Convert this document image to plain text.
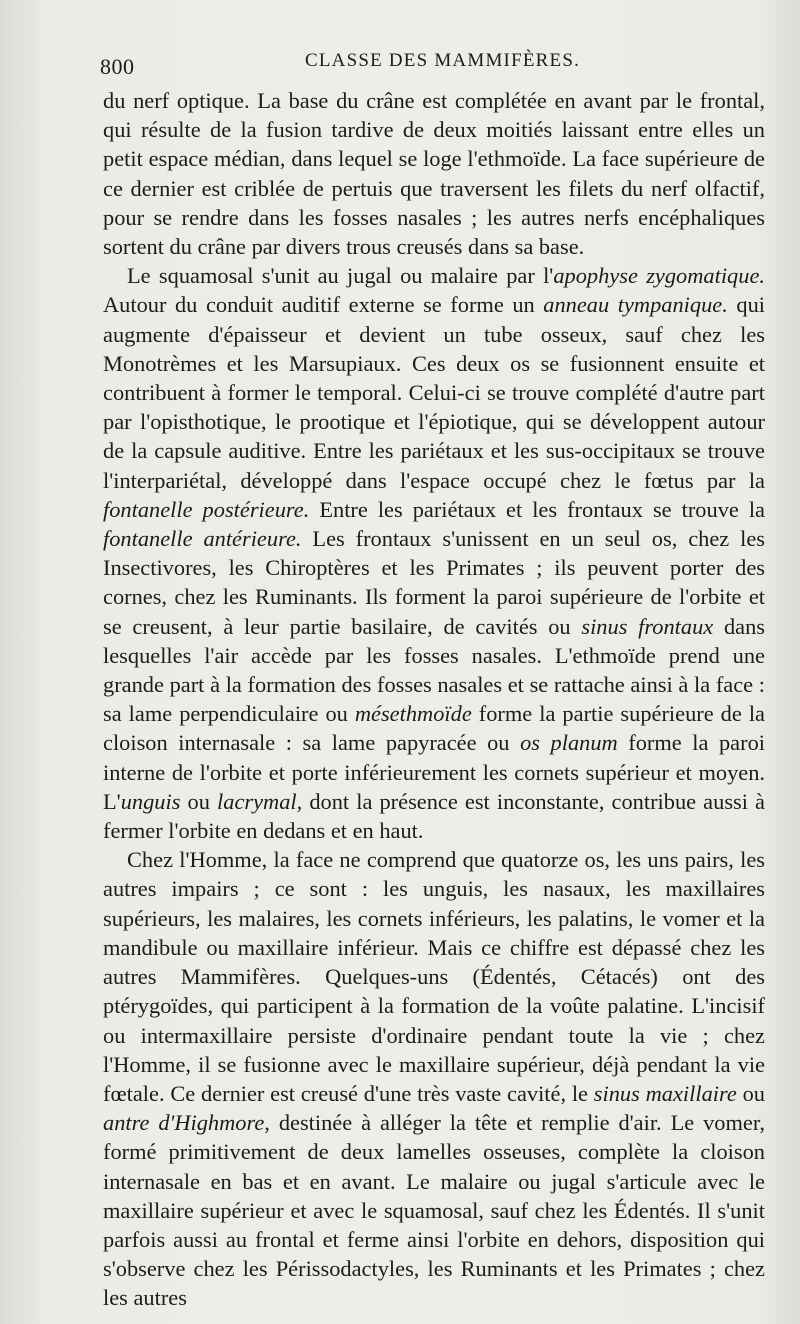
800	CLASSE DES MAMMIFÈRES.

du nerf optique. La base du crâne est complétée en avant par le frontal, qui résulte de la fusion tardive de deux moitiés laissant entre elles un petit espace médian, dans lequel se loge l'ethmoïde. La face supérieure de ce dernier est criblée de pertuis que traversent les filets du nerf olfactif, pour se rendre dans les fosses nasales ; les autres nerfs encéphaliques sortent du crâne par divers trous creusés dans sa base.

Le squamosal s'unit au jugal ou malaire par l'apophyse zygomatique. Autour du conduit auditif externe se forme un anneau tympanique. qui augmente d'épaisseur et devient un tube osseux, sauf chez les Monotrèmes et les Marsupiaux. Ces deux os se fusionnent ensuite et contribuent à former le temporal. Celui-ci se trouve complété d'autre part par l'opisthotique, le prootique et l'épiotique, qui se développent autour de la capsule auditive. Entre les pariétaux et les sus-occipitaux se trouve l'interpariétal, développé dans l'espace occupé chez le fœtus par la fontanelle postérieure. Entre les pariétaux et les frontaux se trouve la fontanelle antérieure. Les frontaux s'unissent en un seul os, chez les Insectivores, les Chiroptères et les Primates ; ils peuvent porter des cornes, chez les Ruminants. Ils forment la paroi supérieure de l'orbite et se creusent, à leur partie basilaire, de cavités ou sinus frontaux dans lesquelles l'air accède par les fosses nasales. L'ethmoïde prend une grande part à la formation des fosses nasales et se rattache ainsi à la face : sa lame perpendiculaire ou mésethmoïde forme la partie supérieure de la cloison internasale : sa lame papyracée ou os planum forme la paroi interne de l'orbite et porte inférieurement les cornets supérieur et moyen. L'unguis ou lacrymal, dont la présence est inconstante, contribue aussi à fermer l'orbite en dedans et en haut.

Chez l'Homme, la face ne comprend que quatorze os, les uns pairs, les autres impairs ; ce sont : les unguis, les nasaux, les maxillaires supérieurs, les malaires, les cornets inférieurs, les palatins, le vomer et la mandibule ou maxillaire inférieur. Mais ce chiffre est dépassé chez les autres Mammifères. Quelques-uns (Édentés, Cétacés) ont des ptérygoïdes, qui participent à la formation de la voûte palatine. L'incisif ou intermaxillaire persiste d'ordinaire pendant toute la vie ; chez l'Homme, il se fusionne avec le maxillaire supérieur, déjà pendant la vie fœtale. Ce dernier est creusé d'une très vaste cavité, le sinus maxillaire ou antre d'Highmore, destinée à alléger la tête et remplie d'air. Le vomer, formé primitivement de deux lamelles osseuses, complète la cloison internasale en bas et en avant. Le malaire ou jugal s'articule avec le maxillaire supérieur et avec le squamosal, sauf chez les Édentés. Il s'unit parfois aussi au frontal et ferme ainsi l'orbite en dehors, disposition qui s'observe chez les Périssodactyles, les Ruminants et les Primates ; chez les autres
